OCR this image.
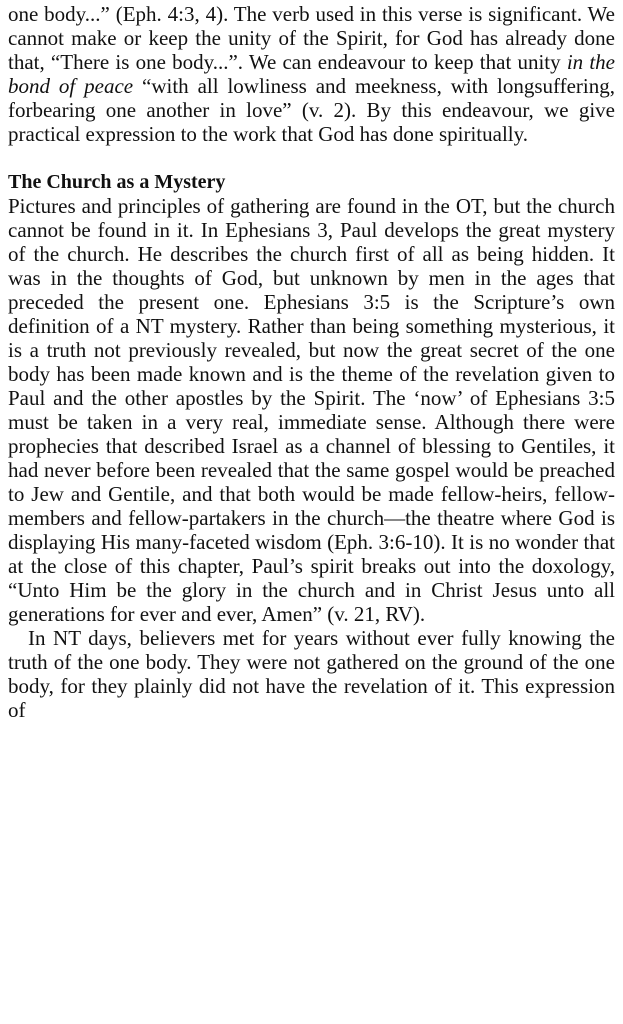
one body...” (Eph. 4:3, 4). The verb used in this verse is significant. We cannot make or keep the unity of the Spirit, for God has already done that, “There is one body...”. We can endeavour to keep that unity in the bond of peace “with all lowliness and meekness, with longsuffering, forbearing one another in love” (v. 2). By this endeavour, we give practical expression to the work that God has done spiritually.

The Church as a Mystery

Pictures and principles of gathering are found in the OT, but the church cannot be found in it. In Ephesians 3, Paul develops the great mystery of the church. He describes the church first of all as being hidden. It was in the thoughts of God, but unknown by men in the ages that preceded the present one. Ephesians 3:5 is the Scripture’s own definition of a NT mystery. Rather than being something mysterious, it is a truth not previously revealed, but now the great secret of the one body has been made known and is the theme of the revelation given to Paul and the other apostles by the Spirit. The ‘now’ of Ephesians 3:5 must be taken in a very real, immediate sense. Although there were prophecies that described Israel as a channel of blessing to Gentiles, it had never before been revealed that the same gospel would be preached to Jew and Gentile, and that both would be made fellow-heirs, fellow-members and fellow-partakers in the church—the theatre where God is displaying His many-faceted wisdom (Eph. 3:6-10). It is no wonder that at the close of this chapter, Paul’s spirit breaks out into the doxology, “Unto Him be the glory in the church and in Christ Jesus unto all generations for ever and ever, Amen” (v. 21, RV).

In NT days, believers met for years without ever fully knowing the truth of the one body. They were not gathered on the ground of the one body, for they plainly did not have the revelation of it. This expression of
